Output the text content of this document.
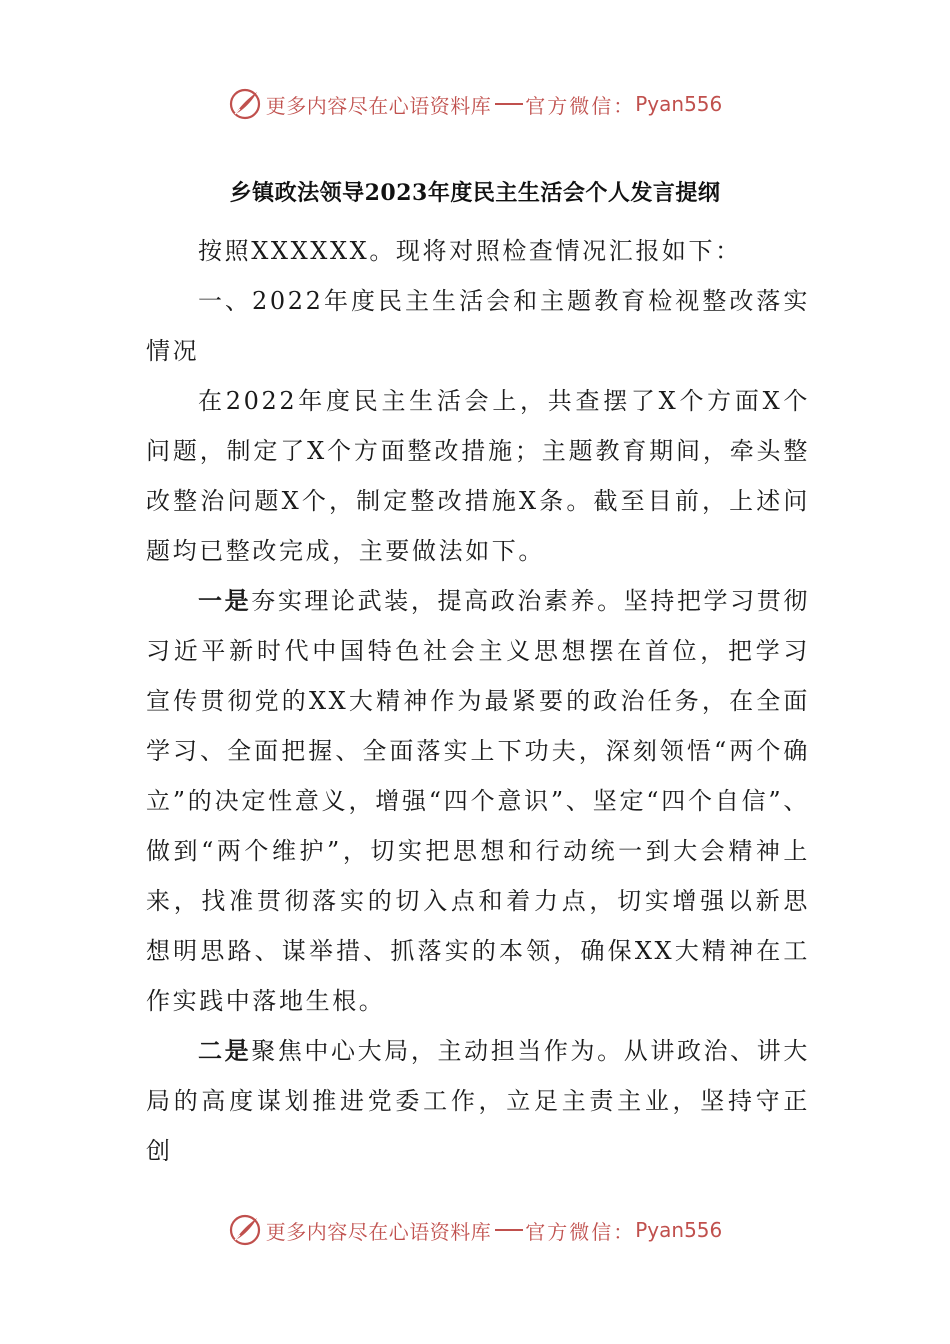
更多内容尽在心语资料库 官方微信： Pyan556
乡镇政法领导2023年度民主生活会个人发言提纲

按照XXXXXX。现将对照检查情况汇报如下：

一、2022年度民主生活会和主题教育检视整改落实情况

在2022年度民主生活会上，共查摆了X个方面X个问题，制定了X个方面整改措施；主题教育期间，牵头整改整治问题X个，制定整改措施X条。截至目前，上述问题均已整改完成，主要做法如下。

一是夯实理论武装，提高政治素养。坚持把学习贯彻习近平新时代中国特色社会主义思想摆在首位，把学习宣传贯彻党的XX大精神作为最紧要的政治任务，在全面学习、全面把握、全面落实上下功夫，深刻领悟“两个确立”的决定性意义，增强“四个意识”、坚定“四个自信”、做到“两个维护”，切实把思想和行动统一到大会精神上来，找准贯彻落实的切入点和着力点，切实增强以新思想明思路、谋举措、抓落实的本领，确保XX大精神在工作实践中落地生根。

二是聚焦中心大局，主动担当作为。从讲政治、讲大局的高度谋划推进党委工作，立足主责主业，坚持守正创

更多内容尽在心语资料库 官方微信： Pyan556
